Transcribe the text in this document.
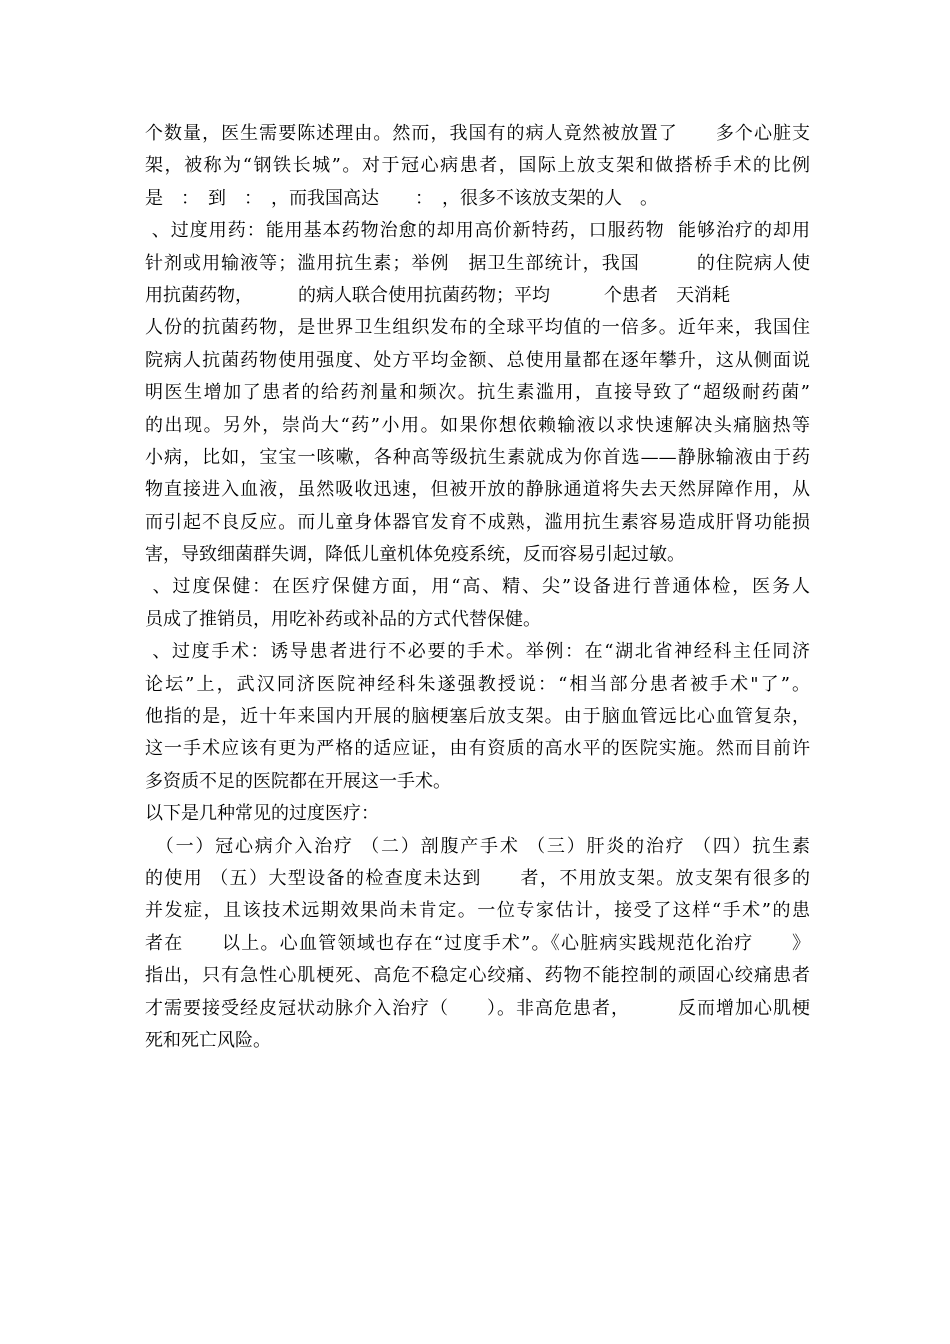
个数量，医生需要陈述理由。然而，我国有的病人竟然被放置了　　多个心脏支
架，被称为“钢铁长城”。对于冠心病患者，国际上放支架和做搭桥手术的比例
是　：　到　：　，而我国高达　　：　，很多不该放支架的人　。
、过度用药：能用基本药物治愈的却用高价新特药，口服药物  能够治疗的却用
针剂或用输液等；滥用抗生素；举例　据卫生部统计，我国　　　的住院病人使
用抗菌药物，　　　的病人联合使用抗菌药物；平均　　　个患者　天消耗
人份的抗菌药物，是世界卫生组织发布的全球平均值的一倍多。近年来，我国住
院病人抗菌药物使用强度、处方平均金额、总使用量都在逐年攀升，这从侧面说
明医生增加了患者的给药剂量和频次。抗生素滥用，直接导致了“超级耐药菌”
的出现。另外，崇尚大“药”小用。如果你想依赖输液以求快速解决头痛脑热等
小病，比如，宝宝一咳嗽，各种高等级抗生素就成为你首选——静脉输液由于药
物直接进入血液，虽然吸收迅速，但被开放的静脉通道将失去天然屏障作用，从
而引起不良反应。而儿童身体器官发育不成熟，滥用抗生素容易造成肝肾功能损
害，导致细菌群失调，降低儿童机体免疫系统，反而容易引起过敏。
、过度保健：在医疗保健方面，用“高、精、尖”设备进行普通体检，医务人
员成了推销员，用吃补药或补品的方式代替保健。
、过度手术：诱导患者进行不必要的手术。举例：在“湖北省神经科主任同济
论坛”上，武汉同济医院神经科朱遂强教授说：“相当部分患者被手术"了”。
他指的是，近十年来国内开展的脑梗塞后放支架。由于脑血管远比心血管复杂，
这一手术应该有更为严格的适应证，由有资质的高水平的医院实施。然而目前许
多资质不足的医院都在开展这一手术。
以下是几种常见的过度医疗：
　（一）冠心病介入治疗 （二）剖腹产手术 （三）肝炎的治疗 （四）抗生素
的使用 （五）大型设备的检查度未达到　　者，不用放支架。放支架有很多的
并发症，且该技术远期效果尚未肯定。一位专家估计，接受了这样“手术”的患
者在　　以上。心血管领域也存在“过度手术”。《心脏病实践规范化治疗　　》
指出，只有急性心肌梗死、高危不稳定心绞痛、药物不能控制的顽固心绞痛患者
才需要接受经皮冠状动脉介入治疗（　　）。非高危患者，　　　反而增加心肌梗
死和死亡风险。
